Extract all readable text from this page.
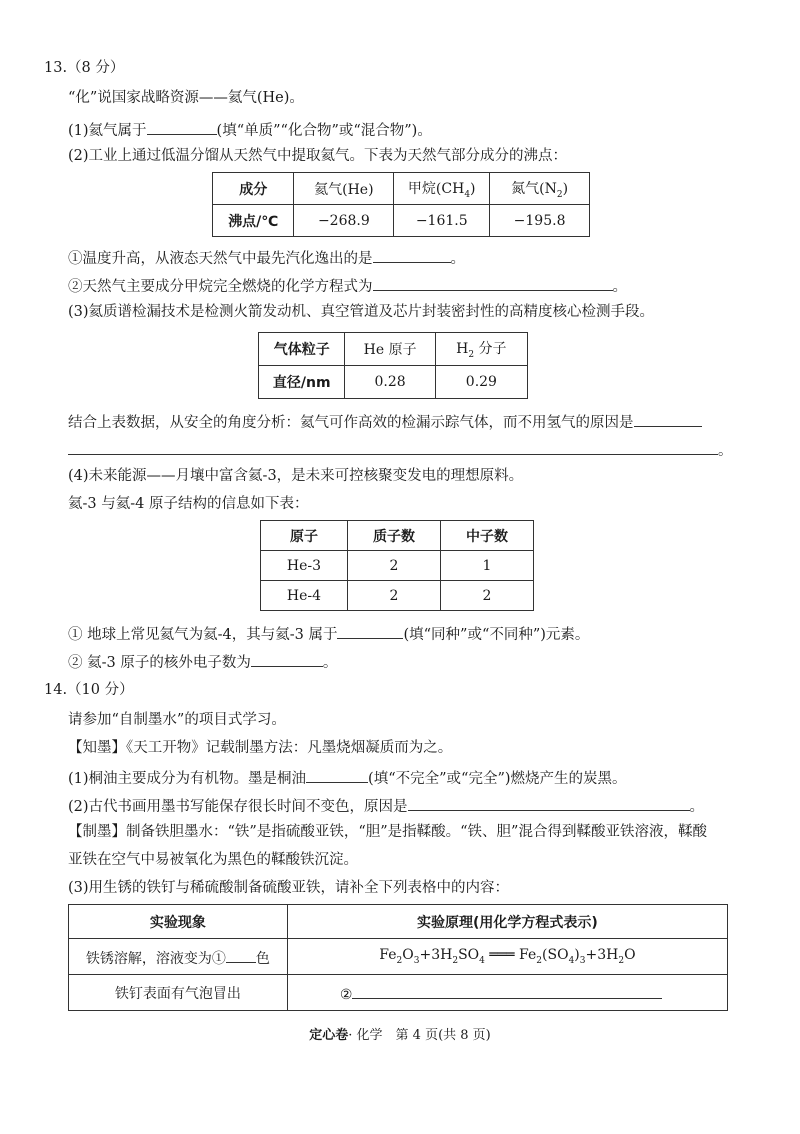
13.（8 分）
“化”说国家战略资源——氦气(He)。
(1)氦气属于	(填“单质”“化合物”或“混合物”)。
(2)工业上通过低温分馏从天然气中提取氦气。下表为天然气部分成分的沸点：
成分	氦气(He)	甲烷$(CH_4)$	氮气$(N_2)$
沸点/℃	−268.9	−161.5	−195.8
①温度升高，从液态天然气中最先汽化逸出的是	。
②天然气主要成分甲烷完全燃烧的化学方程式为	。
(3)氦质谱检漏技术是检测火箭发动机、真空管道及芯片封装密封性的高精度核心检测手段。
气体粒子	He 原子	$H_2$ 分子
直径/nm	0.28	0.29
结合上表数据，从安全的角度分析：氦气可作高效的检漏示踪气体，而不用氢气的原因是
。
(4)未来能源——月壤中富含氦-3，是未来可控核聚变发电的理想原料。
氦-3 与氦-4 原子结构的信息如下表：
原子	质子数	中子数
He-3	2	1
He-4	2	2
① 地球上常见氦气为氦-4，其与氦-3 属于	(填“同种”或“不同种”)元素。
② 氦-3 原子的核外电子数为	。
14.（10 分）
请参加“自制墨水”的项目式学习。
【知墨】《天工开物》记载制墨方法：凡墨烧烟凝质而为之。
(1)桐油主要成分为有机物。墨是桐油	(填“不完全”或“完全”)燃烧产生的炭黑。
(2)古代书画用墨书写能保存很长时间不变色，原因是	。
【制墨】制备铁胆墨水：“铁”是指硫酸亚铁，“胆”是指鞣酸。“铁、胆”混合得到鞣酸亚铁溶液，鞣酸
亚铁在空气中易被氧化为黑色的鞣酸铁沉淀。
(3)用生锈的铁钉与稀硫酸制备硫酸亚铁，请补全下列表格中的内容：
实验现象	实验原理(用化学方程式表示)
铁锈溶解，溶液变为① 色	$Fe_2O_3+3H_2SO_4$ ═══ $Fe_2(SO_4)_3+3H_2O$
铁钉表面有气泡冒出	②
定心卷· 化学　第 4 页(共 8 页)
